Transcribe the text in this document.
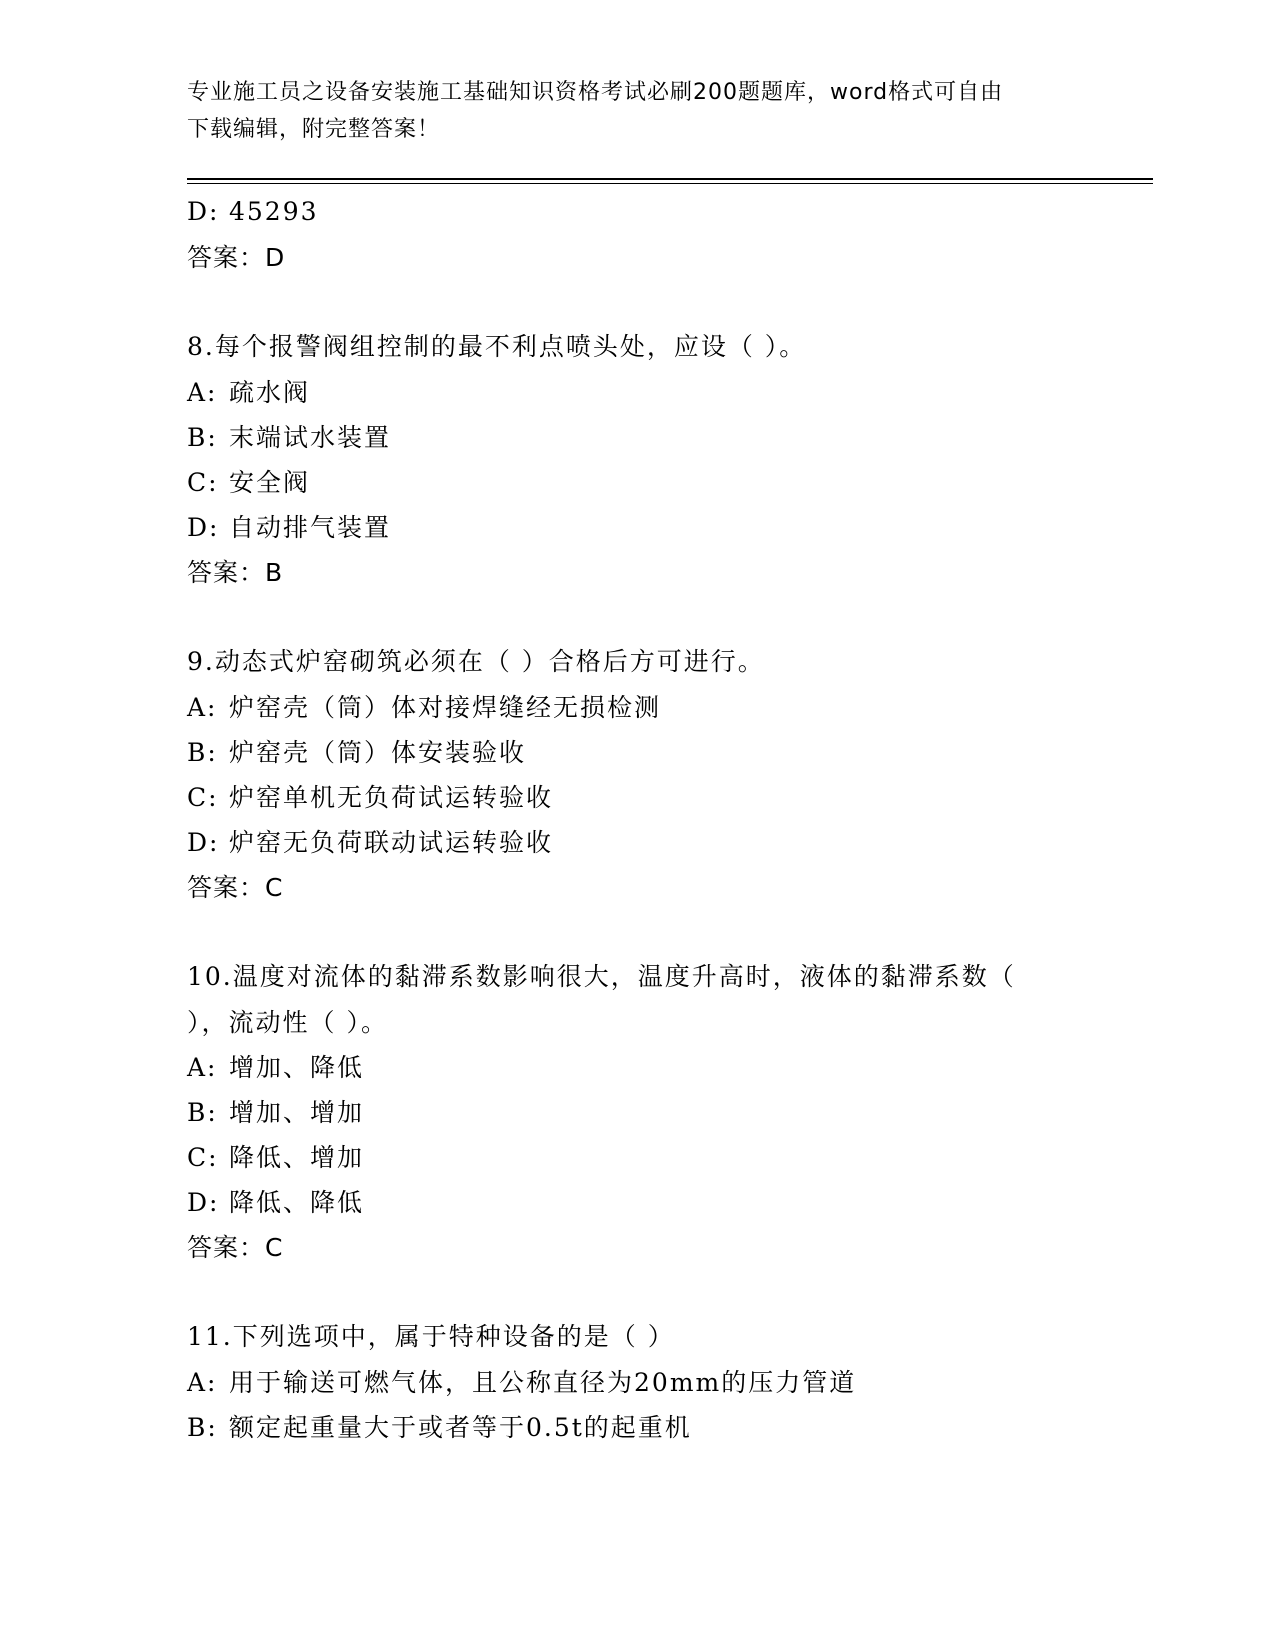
专业施工员之设备安装施工基础知识资格考试必刷200题题库，word格式可自由
下载编辑，附完整答案！
D: 45293
答案：D
8.每个报警阀组控制的最不利点喷头处，应设（ ）。
A: 疏水阀
B: 末端试水装置
C: 安全阀
D: 自动排气装置
答案：B
9.动态式炉窑砌筑必须在（ ）合格后方可进行。
A: 炉窑壳（筒）体对接焊缝经无损检测
B: 炉窑壳（筒）体安装验收
C: 炉窑单机无负荷试运转验收
D: 炉窑无负荷联动试运转验收
答案：C
10.温度对流体的黏滞系数影响很大，温度升高时，液体的黏滞系数（
），流动性（ ）。
A: 增加、降低
B: 增加、增加
C: 降低、增加
D: 降低、降低
答案：C
11.下列选项中，属于特种设备的是（ ）
A: 用于输送可燃气体，且公称直径为20mm的压力管道
B: 额定起重量大于或者等于0.5t的起重机
